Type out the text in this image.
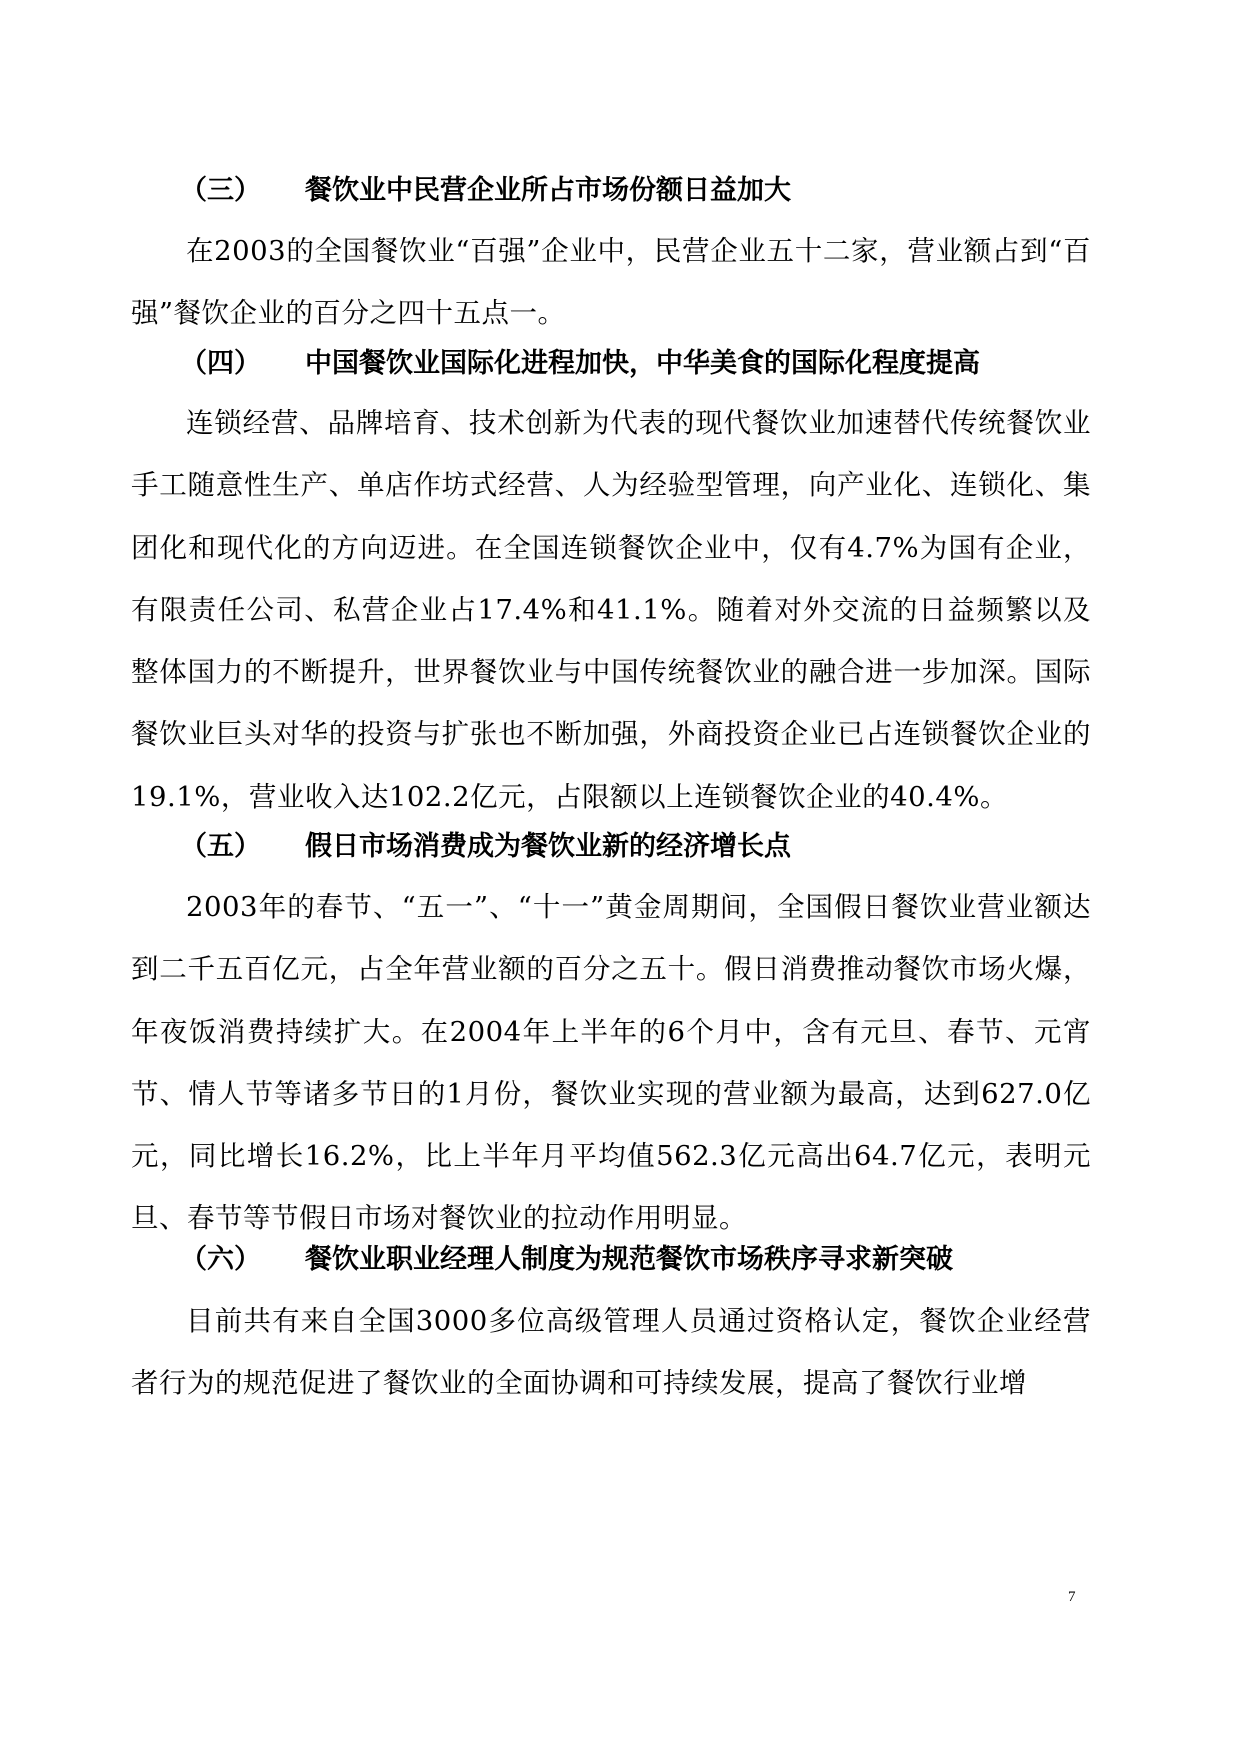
（三） 餐饮业中民营企业所占市场份额日益加大

在2003的全国餐饮业“百强”企业中，民营企业五十二家，营业额占到“百强”餐饮企业的百分之四十五点一。

（四） 中国餐饮业国际化进程加快，中华美食的国际化程度提高

连锁经营、品牌培育、技术创新为代表的现代餐饮业加速替代传统餐饮业手工随意性生产、单店作坊式经营、人为经验型管理，向产业化、连锁化、集团化和现代化的方向迈进。在全国连锁餐饮企业中，仅有4.7%为国有企业，有限责任公司、私营企业占17.4%和41.1%。随着对外交流的日益频繁以及整体国力的不断提升，世界餐饮业与中国传统餐饮业的融合进一步加深。国际餐饮业巨头对华的投资与扩张也不断加强，外商投资企业已占连锁餐饮企业的19.1%，营业收入达102.2亿元，占限额以上连锁餐饮企业的40.4%。

（五） 假日市场消费成为餐饮业新的经济增长点

2003年的春节、“五一”、“十一”黄金周期间，全国假日餐饮业营业额达到二千五百亿元，占全年营业额的百分之五十。假日消费推动餐饮市场火爆，年夜饭消费持续扩大。在2004年上半年的6个月中，含有元旦、春节、元宵节、情人节等诸多节日的1月份，餐饮业实现的营业额为最高，达到627.0亿元，同比增长16.2%，比上半年月平均值562.3亿元高出64.7亿元，表明元旦、春节等节假日市场对餐饮业的拉动作用明显。

（六） 餐饮业职业经理人制度为规范餐饮市场秩序寻求新突破

目前共有来自全国3000多位高级管理人员通过资格认定，餐饮企业经营者行为的规范促进了餐饮业的全面协调和可持续发展，提高了餐饮行业增

7
